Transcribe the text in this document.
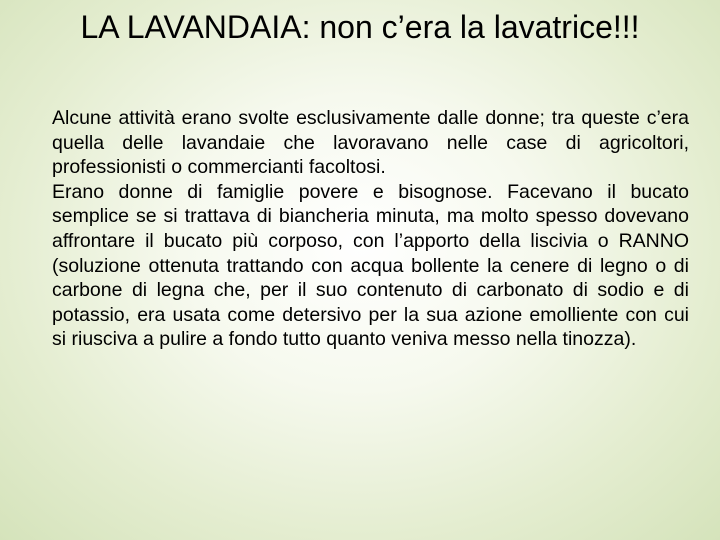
LA LAVANDAIA: non c’era la lavatrice!!!

Alcune attività erano svolte esclusivamente dalle donne; tra queste c’era quella delle lavandaie che lavoravano nelle case di agricoltori, professionisti o commercianti facoltosi.

Erano donne di famiglie povere e bisognose. Facevano il bucato semplice se si trattava di biancheria minuta, ma molto spesso dovevano affrontare il bucato più corposo, con l’apporto della liscivia o RANNO (soluzione ottenuta trattando con acqua bollente la cenere di legno o di carbone di legna che, per il suo contenuto di carbonato di sodio e di potassio, era usata come detersivo per la sua azione emolliente con cui si riusciva a pulire a fondo tutto quanto veniva messo nella tinozza).
